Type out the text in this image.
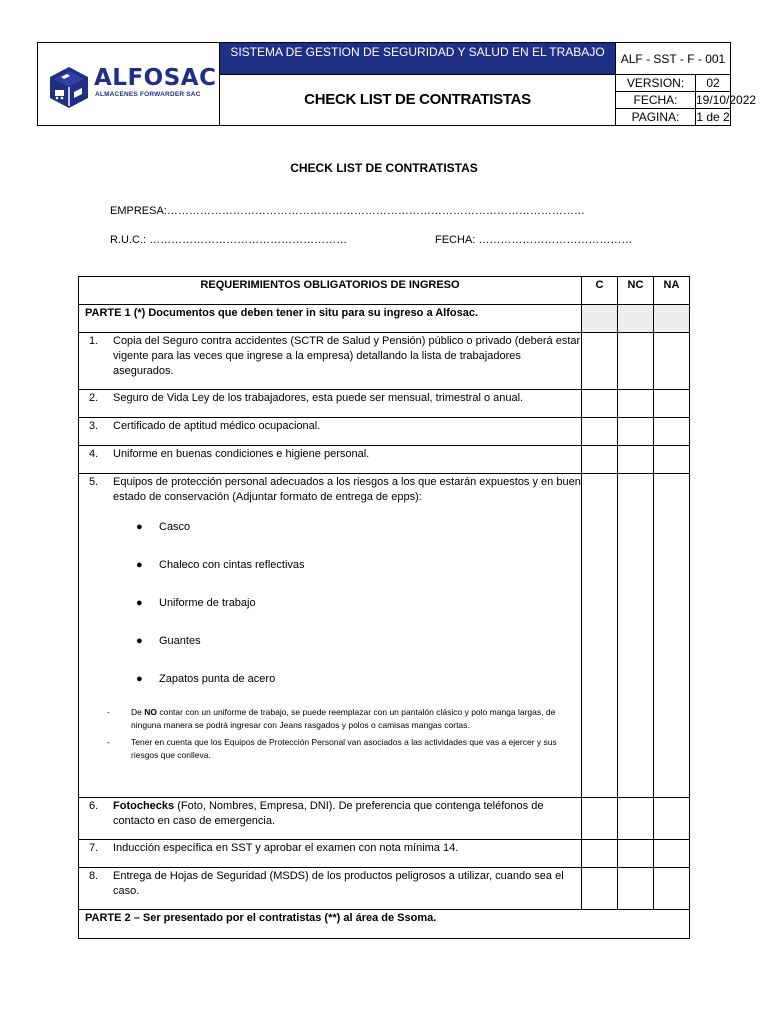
ALFOSAC
ALMACENES FORWARDER SAC
SISTEMA DE GESTION DE SEGURIDAD Y SALUD EN EL TRABAJO
CHECK LIST DE CONTRATISTAS
ALF - SST - F - 001
VERSION:	02
FECHA:	19/10/2022
PAGINA:	1 de 2
CHECK LIST DE CONTRATISTAS
EMPRESA:……………………………………………………………………………………………………
R.U.C.: ………………………………………………	FECHA: ……………………………………
REQUERIMIENTOS OBLIGATORIOS DE INGRESO	C	NC	NA
PARTE 1 (*) Documentos que deben tener in situ para su ingreso a Alfosac.
1.	Copia del Seguro contra accidentes (SCTR de Salud y Pensión) público o privado (deberá estar vigente para las veces que ingrese a la empresa) detallando la lista de trabajadores asegurados.
2.	Seguro de Vida Ley de los trabajadores, esta puede ser mensual, trimestral o anual.
3.	Certificado de aptitud médico ocupacional.
4.	Uniforme en buenas condiciones e higiene personal.
5.	Equipos de protección personal adecuados a los riesgos a los que estarán expuestos y en buen estado de conservación (Adjuntar formato de entrega de epps):
● Casco
● Chaleco con cintas reflectivas
● Uniforme de trabajo
● Guantes
● Zapatos punta de acero
- De NO contar con un uniforme de trabajo, se puede reemplazar con un pantalón clásico y polo manga largas, de ninguna manera se podrá ingresar con Jeans rasgados y polos o camisas mangas cortas.
- Tener en cuenta que los Equipos de Protección Personal van asociados a las actividades que vas a ejercer y sus riesgos que conlleva.
6.	Fotochecks (Foto, Nombres, Empresa, DNI). De preferencia que contenga teléfonos de contacto en caso de emergencia.
7.	Inducción específica en SST y aprobar el examen con nota mínima 14.
8.	Entrega de Hojas de Seguridad (MSDS) de los productos peligrosos a utilizar, cuando sea el caso.
PARTE 2 – Ser presentado por el contratistas (**) al área de Ssoma.
